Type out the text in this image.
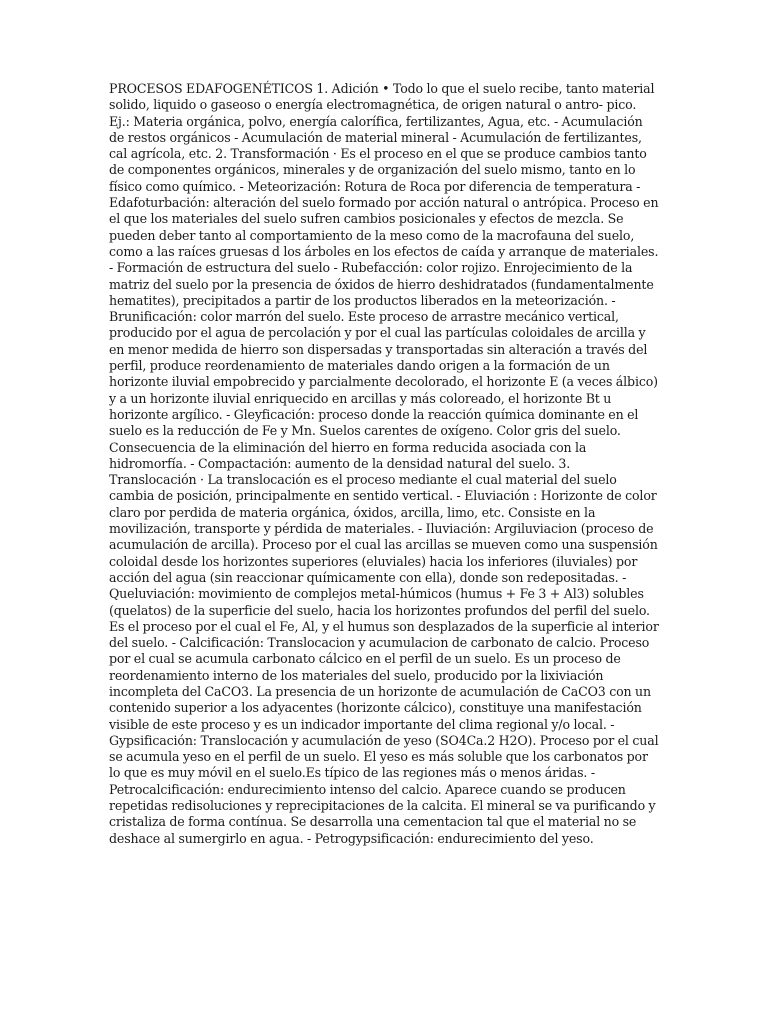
PROCESOS EDAFOGENÉTICOS 1. Adición • Todo lo que el suelo recibe, tanto material solido, liquido o gaseoso o energía electromagnética, de origen natural o antro- pico. Ej.: Materia orgánica, polvo, energía calorífica, fertilizantes, Agua, etc. - Acumulación de restos orgánicos - Acumulación de material mineral - Acumulación de fertilizantes, cal agrícola, etc. 2. Transformación · Es el proceso en el que se produce cambios tanto de componentes orgánicos, minerales y de organización del suelo mismo, tanto en lo físico como químico. - Meteorización: Rotura de Roca por diferencia de temperatura - Edafoturbación: alteración del suelo formado por acción natural o antrópica. Proceso en el que los materiales del suelo sufren cambios posicionales y efectos de mezcla. Se pueden deber tanto al comportamiento de la meso como de la macrofauna del suelo, como a las raíces gruesas d los árboles en los efectos de caída y arranque de materiales. - Formación de estructura del suelo - Rubefacción: color rojizo. Enrojecimiento de la matriz del suelo por la presencia de óxidos de hierro deshidratados (fundamentalmente hematites), precipitados a partir de los productos liberados en la meteorización. - Brunificación: color marrón del suelo. Este proceso de arrastre mecánico vertical, producido por el agua de percolación y por el cual las partículas coloidales de arcilla y en menor medida de hierro son dispersadas y transportadas sin alteración a través del perfil, produce reordenamiento de materiales dando origen a la formación de un horizonte iluvial empobrecido y parcialmente decolorado, el horizonte E (a veces álbico) y a un horizonte iluvial enriquecido en arcillas y más coloreado, el horizonte Bt u horizonte argílico. - Gleyficación: proceso donde la reacción química dominante en el suelo es la reducción de Fe y Mn. Suelos carentes de oxígeno. Color gris del suelo. Consecuencia de la eliminación del hierro en forma reducida asociada con la hidromorfía. - Compactación: aumento de la densidad natural del suelo. 3. Translocación · La translocación es el proceso mediante el cual material del suelo cambia de posición, principalmente en sentido vertical. - Eluviación : Horizonte de color claro por perdida de materia orgánica, óxidos, arcilla, limo, etc. Consiste en la movilización, transporte y pérdida de materiales. - Iluviación: Argiluviacion (proceso de acumulación de arcilla). Proceso por el cual las arcillas se mueven como una suspensión coloidal desde los horizontes superiores (eluviales) hacia los inferiores (iluviales) por acción del agua (sin reaccionar químicamente con ella), donde son redepositadas. - Queluviación: movimiento de complejos metal-húmicos (humus + Fe 3 + Al3) solubles (quelatos) de la superficie del suelo, hacia los horizontes profundos del perfil del suelo. Es el proceso por el cual el Fe, Al, y el humus son desplazados de la superficie al interior del suelo. - Calcificación: Translocacion y acumulacion de carbonato de calcio. Proceso por el cual se acumula carbonato cálcico en el perfil de un suelo. Es un proceso de reordenamiento interno de los materiales del suelo, producido por la lixiviación incompleta del CaCO3. La presencia de un horizonte de acumulación de CaCO3 con un contenido superior a los adyacentes (horizonte cálcico), constituye una manifestación visible de este proceso y es un indicador importante del clima regional y/o local. - Gypsificación: Translocación y acumulación de yeso (SO4Ca.2 H2O). Proceso por el cual se acumula yeso en el perfil de un suelo. El yeso es más soluble que los carbonatos por lo que es muy móvil en el suelo.Es típico de las regiones más o menos áridas. - Petrocalcificación: endurecimiento intenso del calcio. Aparece cuando se producen repetidas redisoluciones y reprecipitaciones de la calcita. El mineral se va purificando y cristaliza de forma contínua. Se desarrolla una cementacion tal que el material no se deshace al sumergirlo en agua. - Petrogypsificación: endurecimiento del yeso.
